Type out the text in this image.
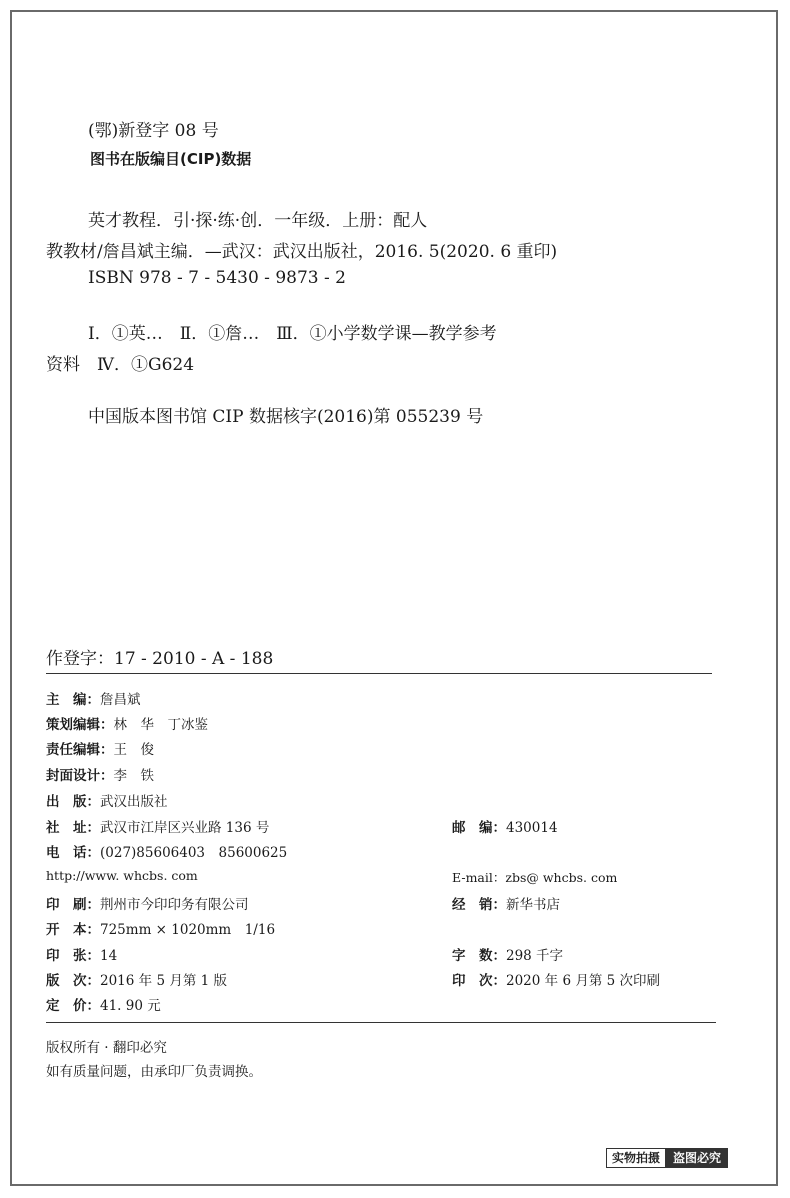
(鄂)新登字 08 号
图书在版编目(CIP)数据
英才教程．引·探·练·创．一年级．上册：配人
教教材/詹昌斌主编．—武汉：武汉出版社，2016. 5(2020. 6 重印)
ISBN 978 - 7 - 5430 - 9873 - 2
Ⅰ．①英…　Ⅱ．①詹…　Ⅲ．①小学数学课—教学参考
资料　Ⅳ．①G624
中国版本图书馆 CIP 数据核字(2016)第 055239 号
作登字：17 - 2010 - A - 188
主　编：詹昌斌
策划编辑：林　华　丁冰鉴
责任编辑：王　俊
封面设计：李　铁
出　版：武汉出版社
社　址：武汉市江岸区兴业路 136 号	邮　编：430014
电　话：(027)85606403　85600625
http://www. whcbs. com	E-mail：zbs@ whcbs. com
印　刷：荆州市今印印务有限公司	经　销：新华书店
开　本：725mm × 1020mm　1/16
印　张：14	字　数：298 千字
版　次：2016 年 5 月第 1 版	印　次：2020 年 6 月第 5 次印刷
定　价：41. 90 元
版权所有 · 翻印必究
如有质量问题，由承印厂负责调换。
实物拍摄	盗图必究
